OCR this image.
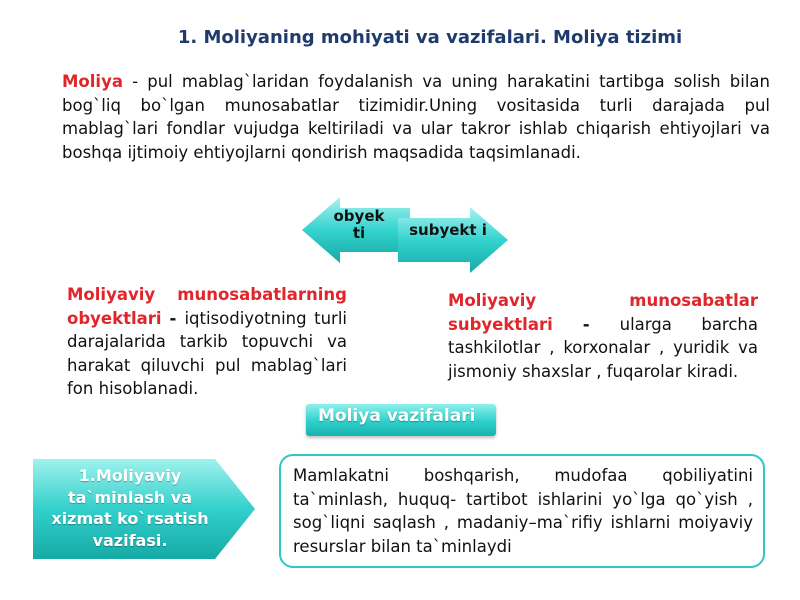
1. Moliyaning mohiyati va vazifalari. Moliya tizimi
Moliya - pul mablag`laridan foydalanish va uning harakatini tartibga solish bilan bog`liq bo`lgan munosabatlar tizimidir.Uning vositasida turli darajada pul mablag`lari fondlar vujudga keltiriladi va ular takror ishlab chiqarish ehtiyojlari va boshqa ijtimoiy ehtiyojlarni qondirish maqsadida taqsimlanadi.
obyek ti	subyekt i
Moliyaviy munosabatlarning obyektlari - iqtisodiyotning turli darajalarida tarkib topuvchi va harakat qiluvchi pul mablag`lari fon hisoblanadi.
Moliyaviy munosabatlar subyektlari - ularga barcha tashkilotlar , korxonalar , yuridik va jismoniy shaxslar , fuqarolar kiradi.
Moliya vazifalari
1.Moliyaviy ta`minlash va xizmat ko`rsatish vazifasi.
Mamlakatni boshqarish, mudofaa qobiliyatini ta`minlash, huquq- tartibot ishlarini yo`lga qo`yish , sog`liqni saqlash , madaniy–ma`rifiy ishlarni moiyaviy resurslar bilan ta`minlaydi
